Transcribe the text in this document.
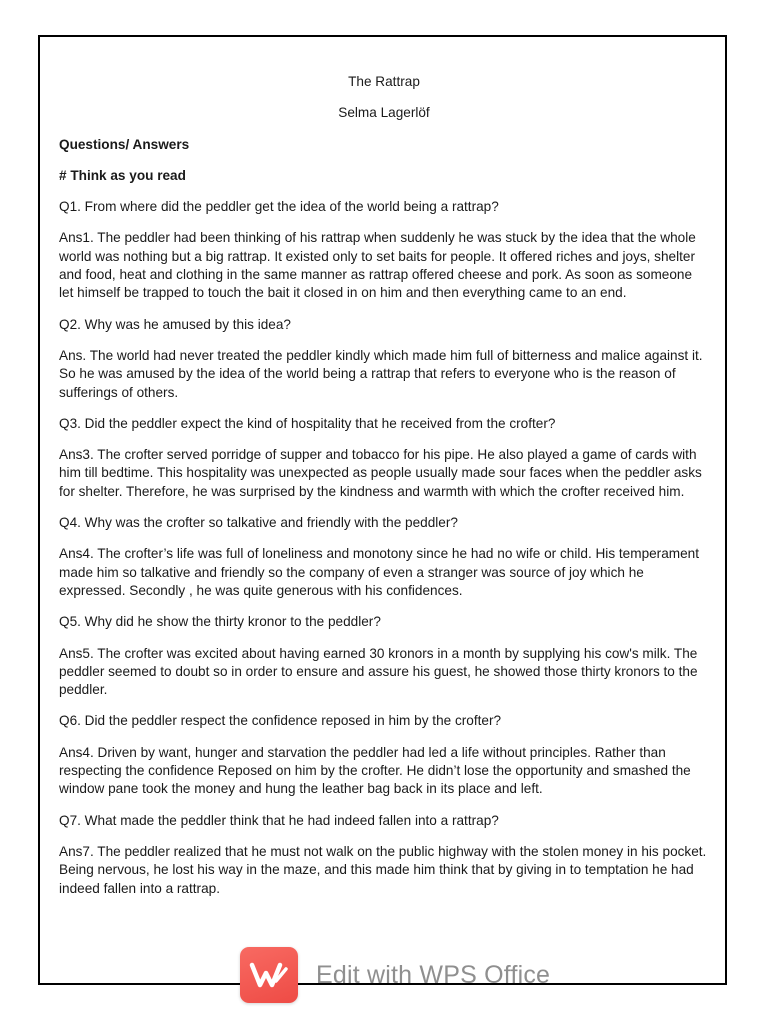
The Rattrap
Selma Lagerlöf
Questions/ Answers
# Think as you read
Q1. From where did the peddler get the idea of the world being a rattrap?
Ans1. The peddler had been thinking of his rattrap when suddenly he was stuck by the idea that the whole world was nothing but a big rattrap. It existed only to set baits for people. It offered riches and joys, shelter and food, heat and clothing in the same manner as rattrap offered cheese and pork. As soon as someone let himself be trapped to touch the bait it closed in on him and then everything came to an end.
Q2. Why was he amused by this idea?
Ans. The world had never treated the peddler kindly which made him full of bitterness and malice against it. So he was amused by the idea of the world being a rattrap that refers to everyone who is the reason of sufferings of others.
Q3. Did the peddler expect the kind of hospitality that he received from the crofter?
Ans3. The crofter served porridge of supper and tobacco for his pipe. He also played a game of cards with him till bedtime. This hospitality was unexpected as people usually made sour faces when the peddler asks for shelter. Therefore, he was surprised by the kindness and warmth with which the crofter received him.
Q4. Why was the crofter so talkative and friendly with the peddler?
Ans4. The crofter’s life was full of loneliness and monotony since he had no wife or child. His temperament made him so talkative and friendly so the company of even a stranger was source of joy which he expressed. Secondly , he was quite generous with his confidences.
Q5. Why did he show the thirty kronor to the peddler?
Ans5. The crofter was excited about having earned 30 kronors in a month by supplying his cow's milk. The peddler seemed to doubt so in order to ensure and assure his guest, he showed those thirty kronors to the peddler.
Q6. Did the peddler respect the confidence reposed in him by the crofter?
Ans4. Driven by want, hunger and starvation the peddler had led a life without principles. Rather than respecting the confidence Reposed on him by the crofter. He didn’t lose the opportunity and smashed the window pane took the money and hung the leather bag back in its place and left.
Q7. What made the peddler think that he had indeed fallen into a rattrap?
Ans7. The peddler realized that he must not walk on the public highway with the stolen money in his pocket. Being nervous, he lost his way in the maze, and this made him think that by giving in to temptation he had indeed fallen into a rattrap.
Edit with WPS Office
